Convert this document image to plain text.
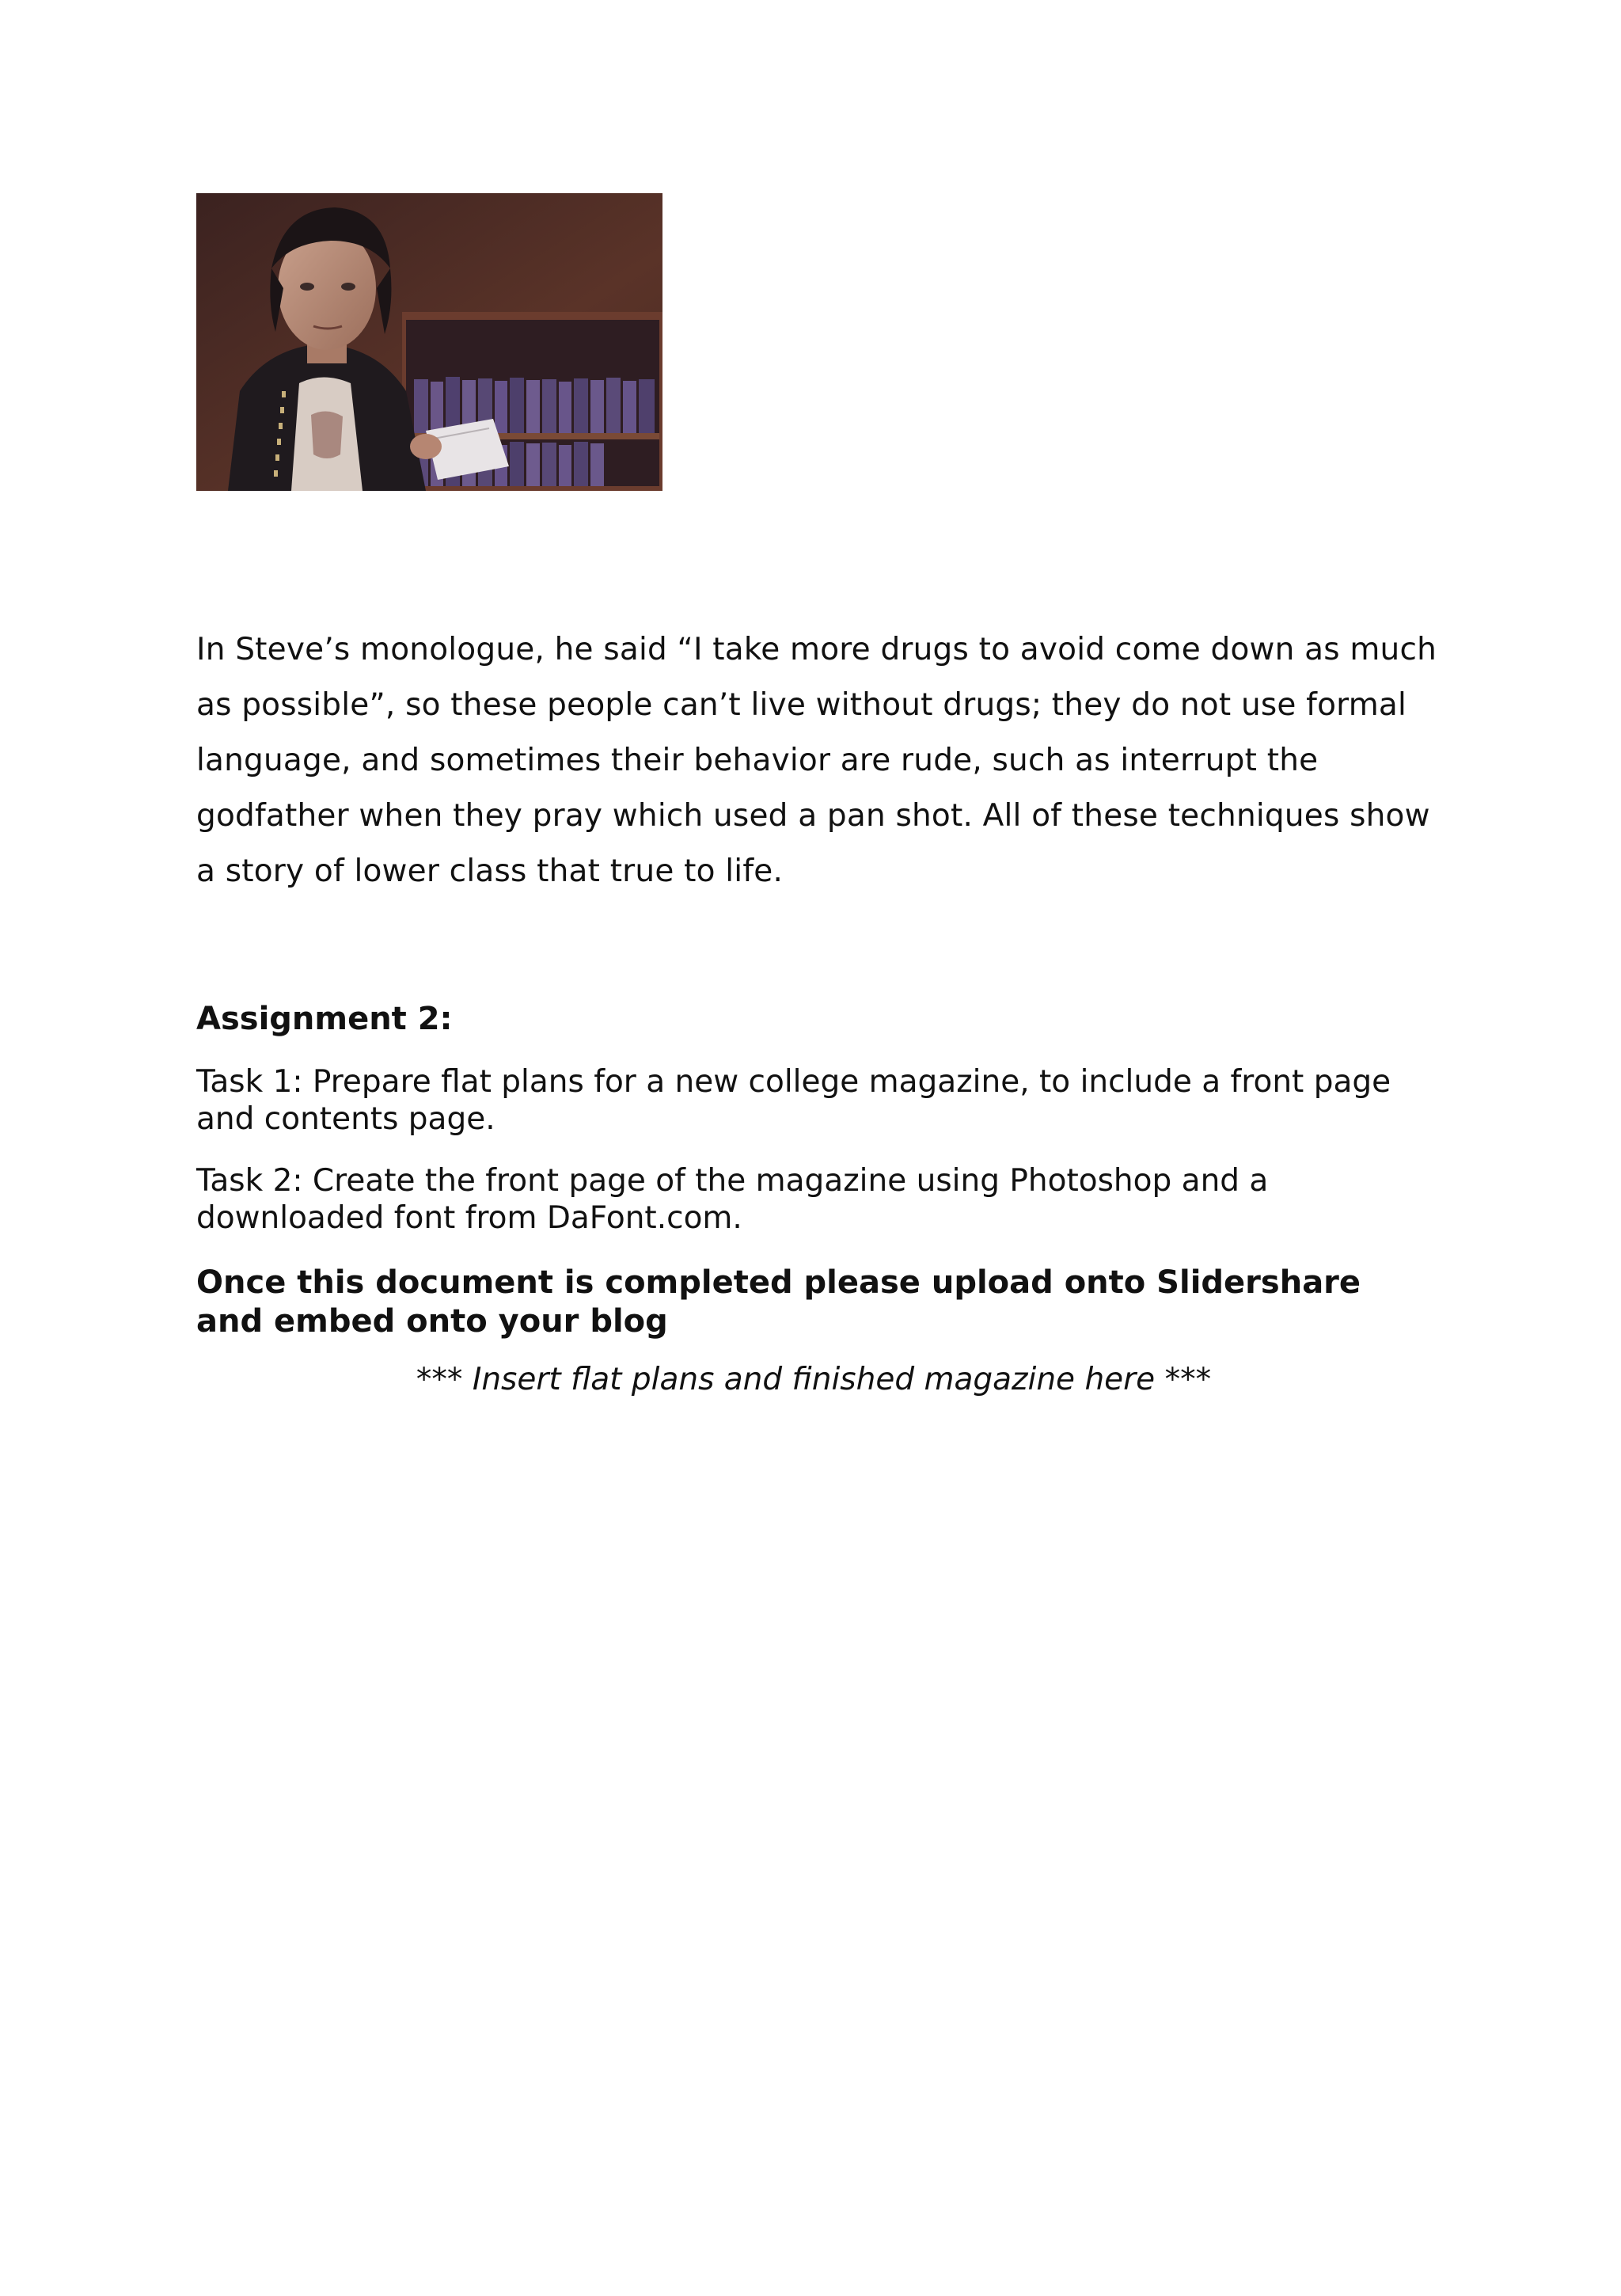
In Steve’s monologue, he said “I take more drugs to avoid come down as much as possible”, so these people can’t live without drugs; they do not use formal language, and sometimes their behavior are rude, such as interrupt the godfather when they pray which used a pan shot. All of these techniques show a story of lower class that true to life.

Assignment 2:

Task 1: Prepare flat plans for a new college magazine, to include a front page and contents page.

Task 2: Create the front page of the magazine using Photoshop and a downloaded font from DaFont.com.

Once this document is completed please upload onto Slidershare and embed onto your blog

*** Insert flat plans and finished magazine here ***
